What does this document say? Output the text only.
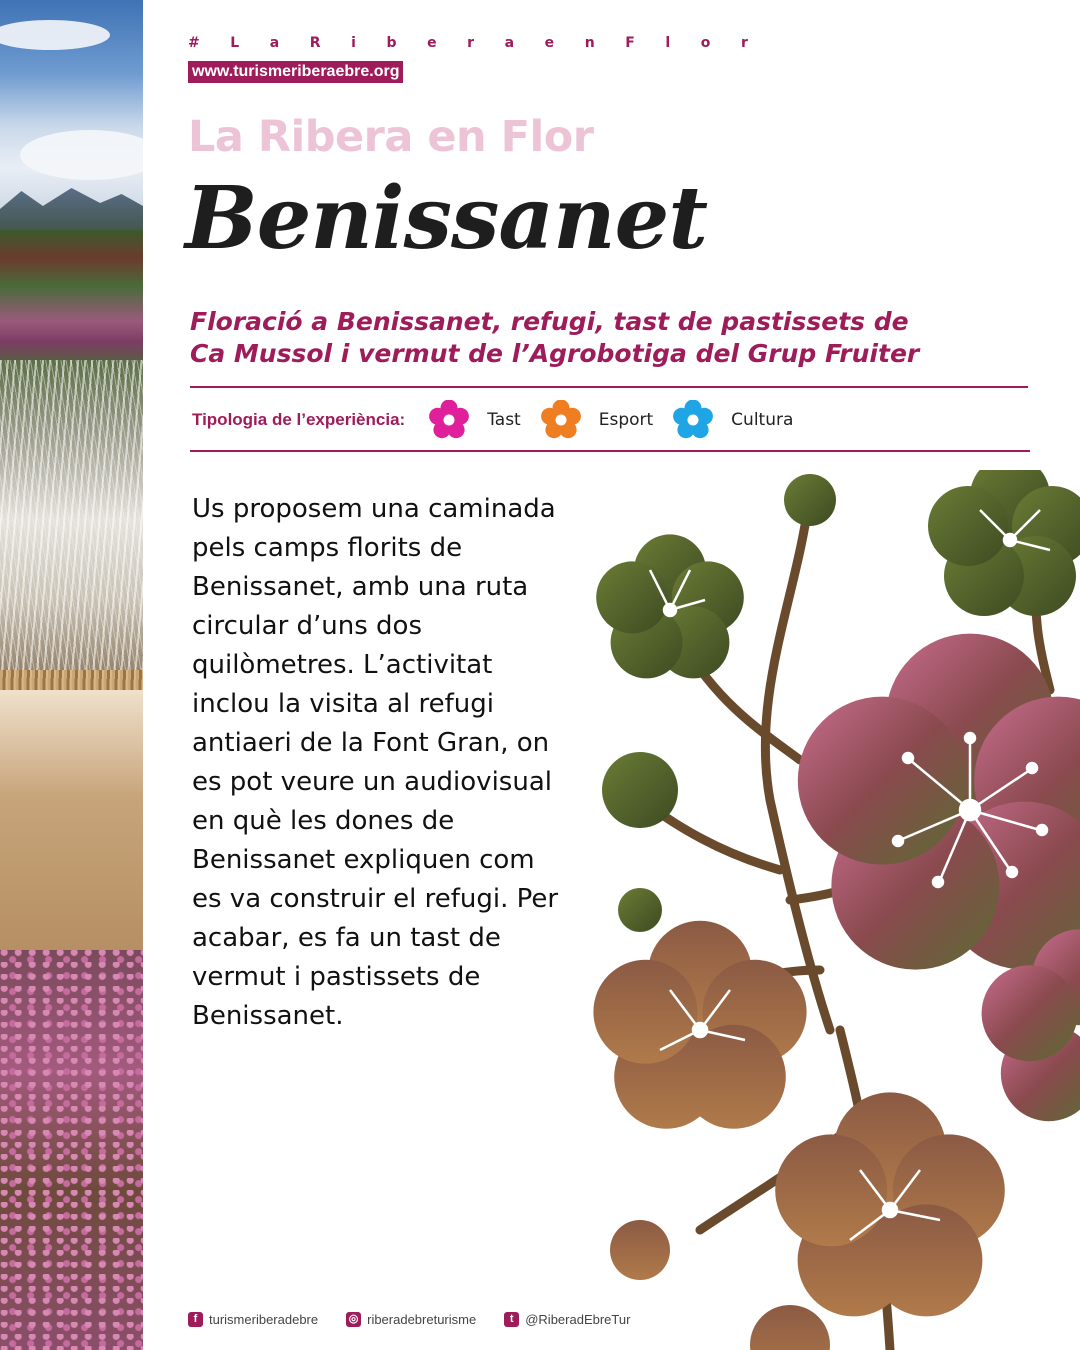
# L a R i b e r a e n F l o r
www.turismeriberaebre.org
La Ribera en Flor
Benissanet
Floració a Benissanet, refugi, tast de pastissets de
Ca Mussol i vermut de l’Agrobotiga del Grup Fruiter
Tipologia de l’experiència:	Tast	Esport	Cultura
Us proposem una caminada pels camps florits de Benissanet, amb una ruta circular d’uns dos quilòmetres. L’activitat inclou la visita al refugi antiaeri de la Font Gran, on es pot veure un audiovisual en què les dones de Benissanet expliquen com es va construir el refugi. Per acabar, es fa un tast de vermut i pastissets de Benissanet.
f turismeriberadebre	◎ riberadebreturisme	t @RiberadEbreTur
